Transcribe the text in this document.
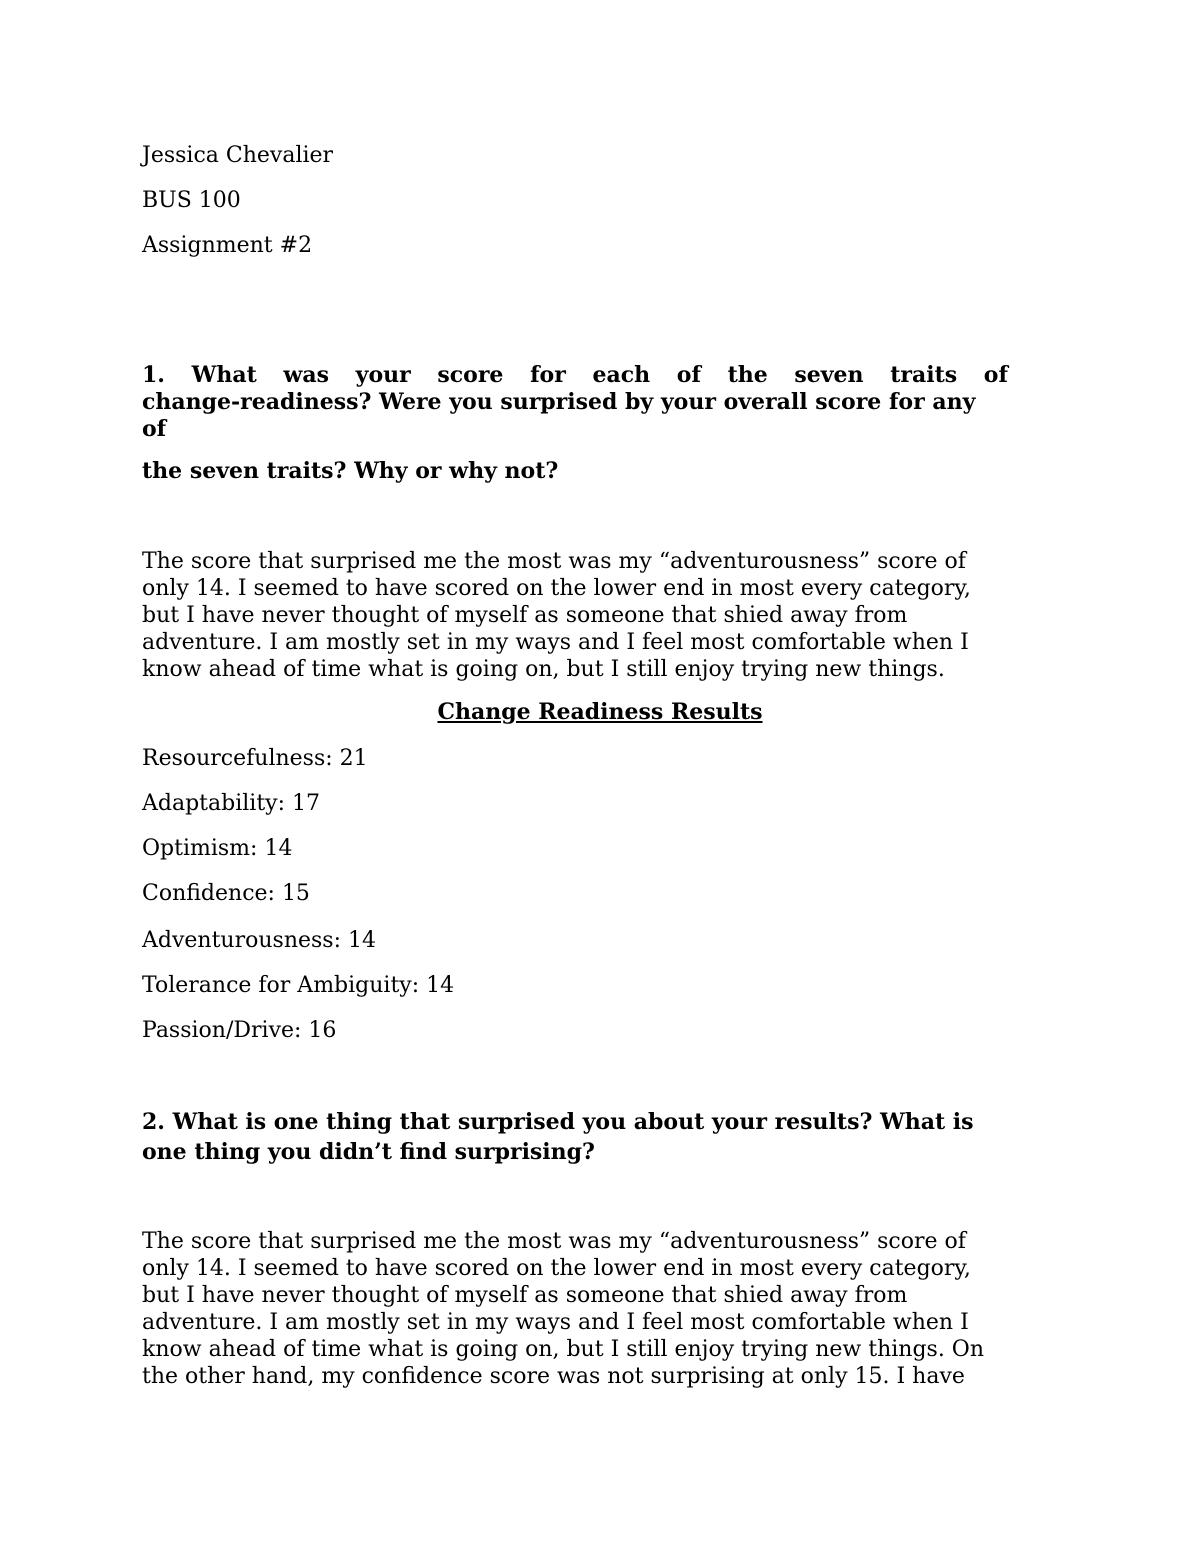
Jessica Chevalier
BUS 100
Assignment #2
1. What was your score for each of the seven traits of
change-readiness? Were you surprised by your overall score for any
of
the seven traits? Why or why not?
The score that surprised me the most was my “adventurousness” score of
only 14. I seemed to have scored on the lower end in most every category,
but I have never thought of myself as someone that shied away from
adventure. I am mostly set in my ways and I feel most comfortable when I
know ahead of time what is going on, but I still enjoy trying new things.
Change Readiness Results
Resourcefulness: 21
Adaptability: 17
Optimism: 14
Confidence: 15
Adventurousness: 14
Tolerance for Ambiguity: 14
Passion/Drive: 16
2. What is one thing that surprised you about your results? What is
one thing you didn’t find surprising?
The score that surprised me the most was my “adventurousness” score of
only 14. I seemed to have scored on the lower end in most every category,
but I have never thought of myself as someone that shied away from
adventure. I am mostly set in my ways and I feel most comfortable when I
know ahead of time what is going on, but I still enjoy trying new things. On
the other hand, my confidence score was not surprising at only 15. I have
